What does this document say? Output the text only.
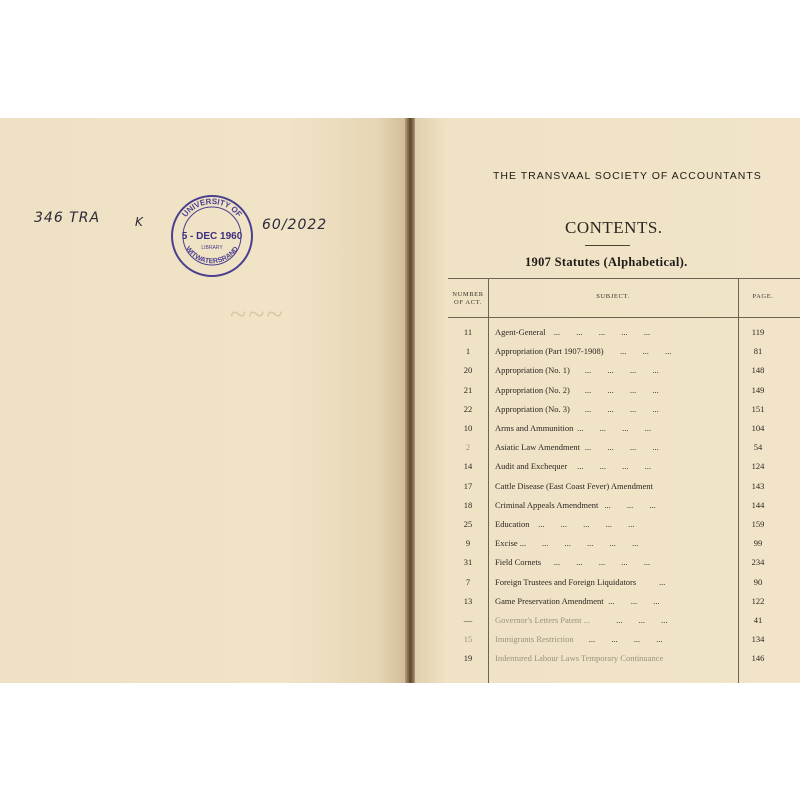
~~~
346 TRA	K	60/2022
UNIVERSITY OF
WITWATERSRAND
5 - DEC 1960
LIBRARY
THE TRANSVAAL SOCIETY OF ACCOUNTANTS
CONTENTS.
1907 Statutes (Alphabetical).
NUMBER OF ACT.
SUBJECT.	PAGE.
11	Agent-General ... ... ... ... ...	119
1	Appropriation (Part 1907-1908) ... ... ...	81
20	Appropriation (No. 1) ... ... ... ...	148
21	Appropriation (No. 2) ... ... ... ...	149
22	Appropriation (No. 3) ... ... ... ...	151
10	Arms and Ammunition ... ... ... ...	104
2	Asiatic Law Amendment ... ... ... ...	54
14	Audit and Exchequer ... ... ... ...	124
17	Cattle Disease (East Coast Fever) Amendment	143
18	Criminal Appeals Amendment ... ... ...	144
25	Education ... ... ... ... ...	159
9	Excise ... ... ... ... ... ...	99
31	Field Cornets ... ... ... ... ...	234
7	Foreign Trustees and Foreign Liquidators	...	90
13	Game Preservation Amendment ... ... ...	122
—	Governor's Letters Patent ...	... ... ...	41
15	Immigrants Restriction ... ... ... ...	134
19	Indentured Labour Laws Temporary Continuance	146
